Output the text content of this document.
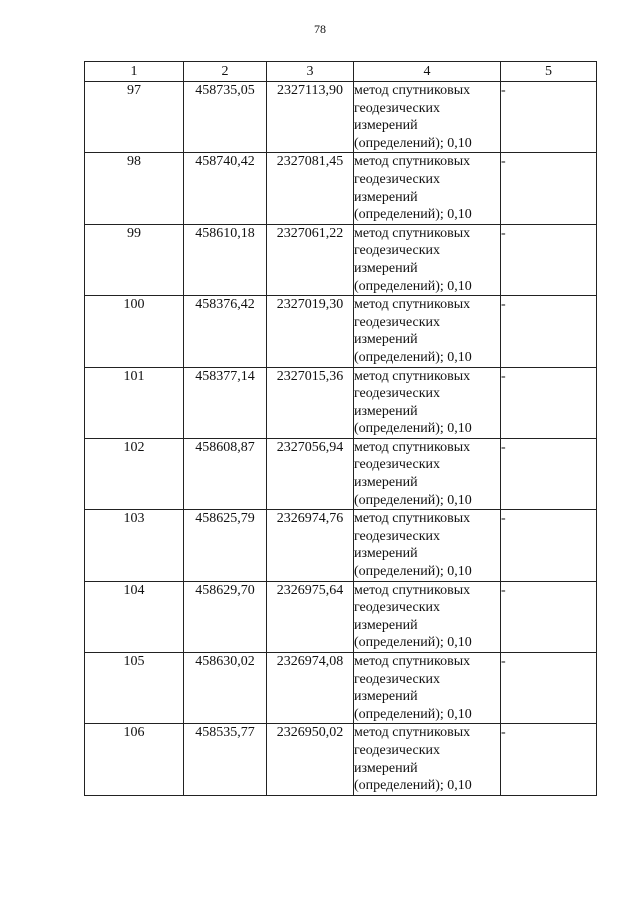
78
1	2	3	4	5
97	458735,05	2327113,90	метод спутниковых
геодезических
измерений
(определений); 0,10	-
98	458740,42	2327081,45	метод спутниковых
геодезических
измерений
(определений); 0,10	-
99	458610,18	2327061,22	метод спутниковых
геодезических
измерений
(определений); 0,10	-
100	458376,42	2327019,30	метод спутниковых
геодезических
измерений
(определений); 0,10	-
101	458377,14	2327015,36	метод спутниковых
геодезических
измерений
(определений); 0,10	-
102	458608,87	2327056,94	метод спутниковых
геодезических
измерений
(определений); 0,10	-
103	458625,79	2326974,76	метод спутниковых
геодезических
измерений
(определений); 0,10	-
104	458629,70	2326975,64	метод спутниковых
геодезических
измерений
(определений); 0,10	-
105	458630,02	2326974,08	метод спутниковых
геодезических
измерений
(определений); 0,10	-
106	458535,77	2326950,02	метод спутниковых
геодезических
измерений
(определений); 0,10	-
